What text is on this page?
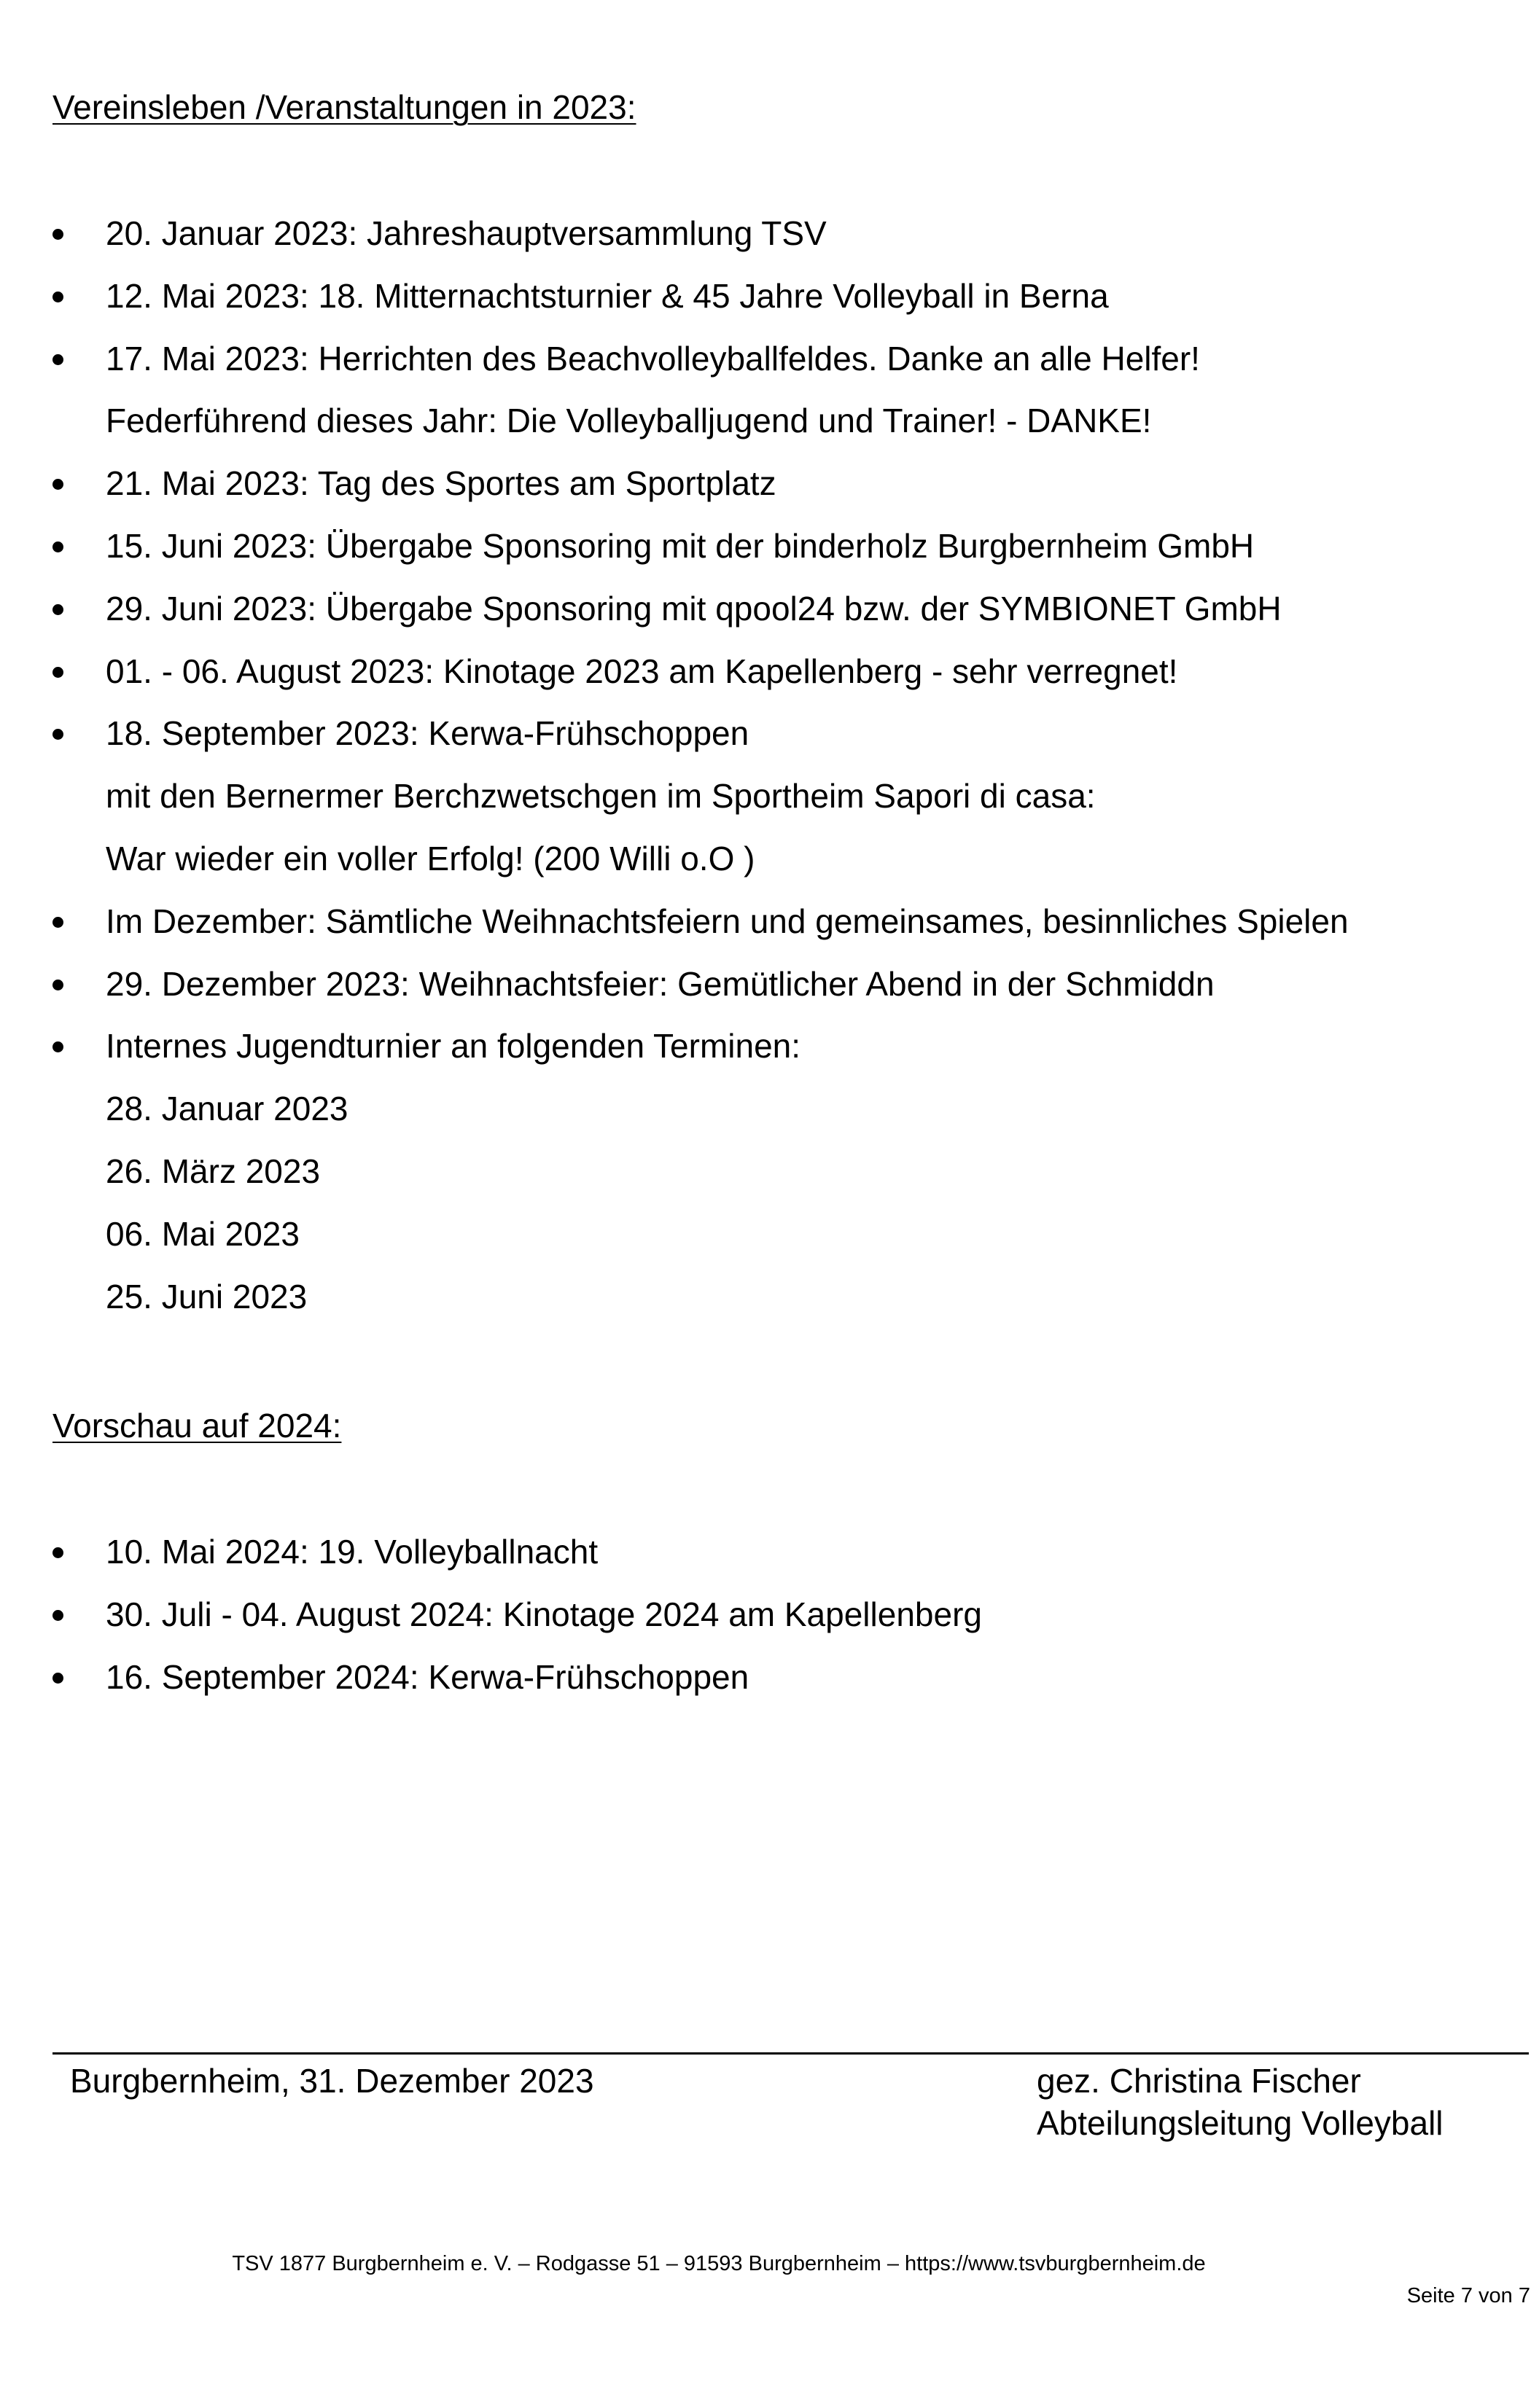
Vereinsleben /Veranstaltungen in 2023:
20. Januar 2023: Jahreshauptversammlung TSV
12. Mai 2023: 18. Mitternachtsturnier & 45 Jahre Volleyball in Berna
17. Mai 2023: Herrichten des Beachvolleyballfeldes. Danke an alle Helfer!
Federführend dieses Jahr: Die Volleyballjugend und Trainer! - DANKE!
21. Mai 2023: Tag des Sportes am Sportplatz
15. Juni 2023: Übergabe Sponsoring mit der binderholz Burgbernheim GmbH
29. Juni 2023: Übergabe Sponsoring mit qpool24 bzw. der SYMBIONET GmbH
01. - 06. August 2023: Kinotage 2023 am Kapellenberg - sehr verregnet!
18. September 2023: Kerwa-Frühschoppen
mit den Bernermer Berchzwetschgen im Sportheim Sapori di casa:
War wieder ein voller Erfolg! (200 Willi o.O )
Im Dezember: Sämtliche Weihnachtsfeiern und gemeinsames, besinnliches Spielen
29. Dezember 2023: Weihnachtsfeier: Gemütlicher Abend in der Schmiddn
Internes Jugendturnier an folgenden Terminen:
28. Januar 2023
26. März 2023
06. Mai 2023
25. Juni 2023
Vorschau auf 2024:
10. Mai 2024: 19. Volleyballnacht
30. Juli - 04. August 2024: Kinotage 2024 am Kapellenberg
16. September 2024: Kerwa-Frühschoppen
Burgbernheim, 31. Dezember 2023	gez. Christina Fischer
Abteilungsleitung Volleyball
TSV 1877 Burgbernheim e. V. – Rodgasse 51 – 91593 Burgbernheim – https://www.tsvburgbernheim.de
Seite 7 von 7
